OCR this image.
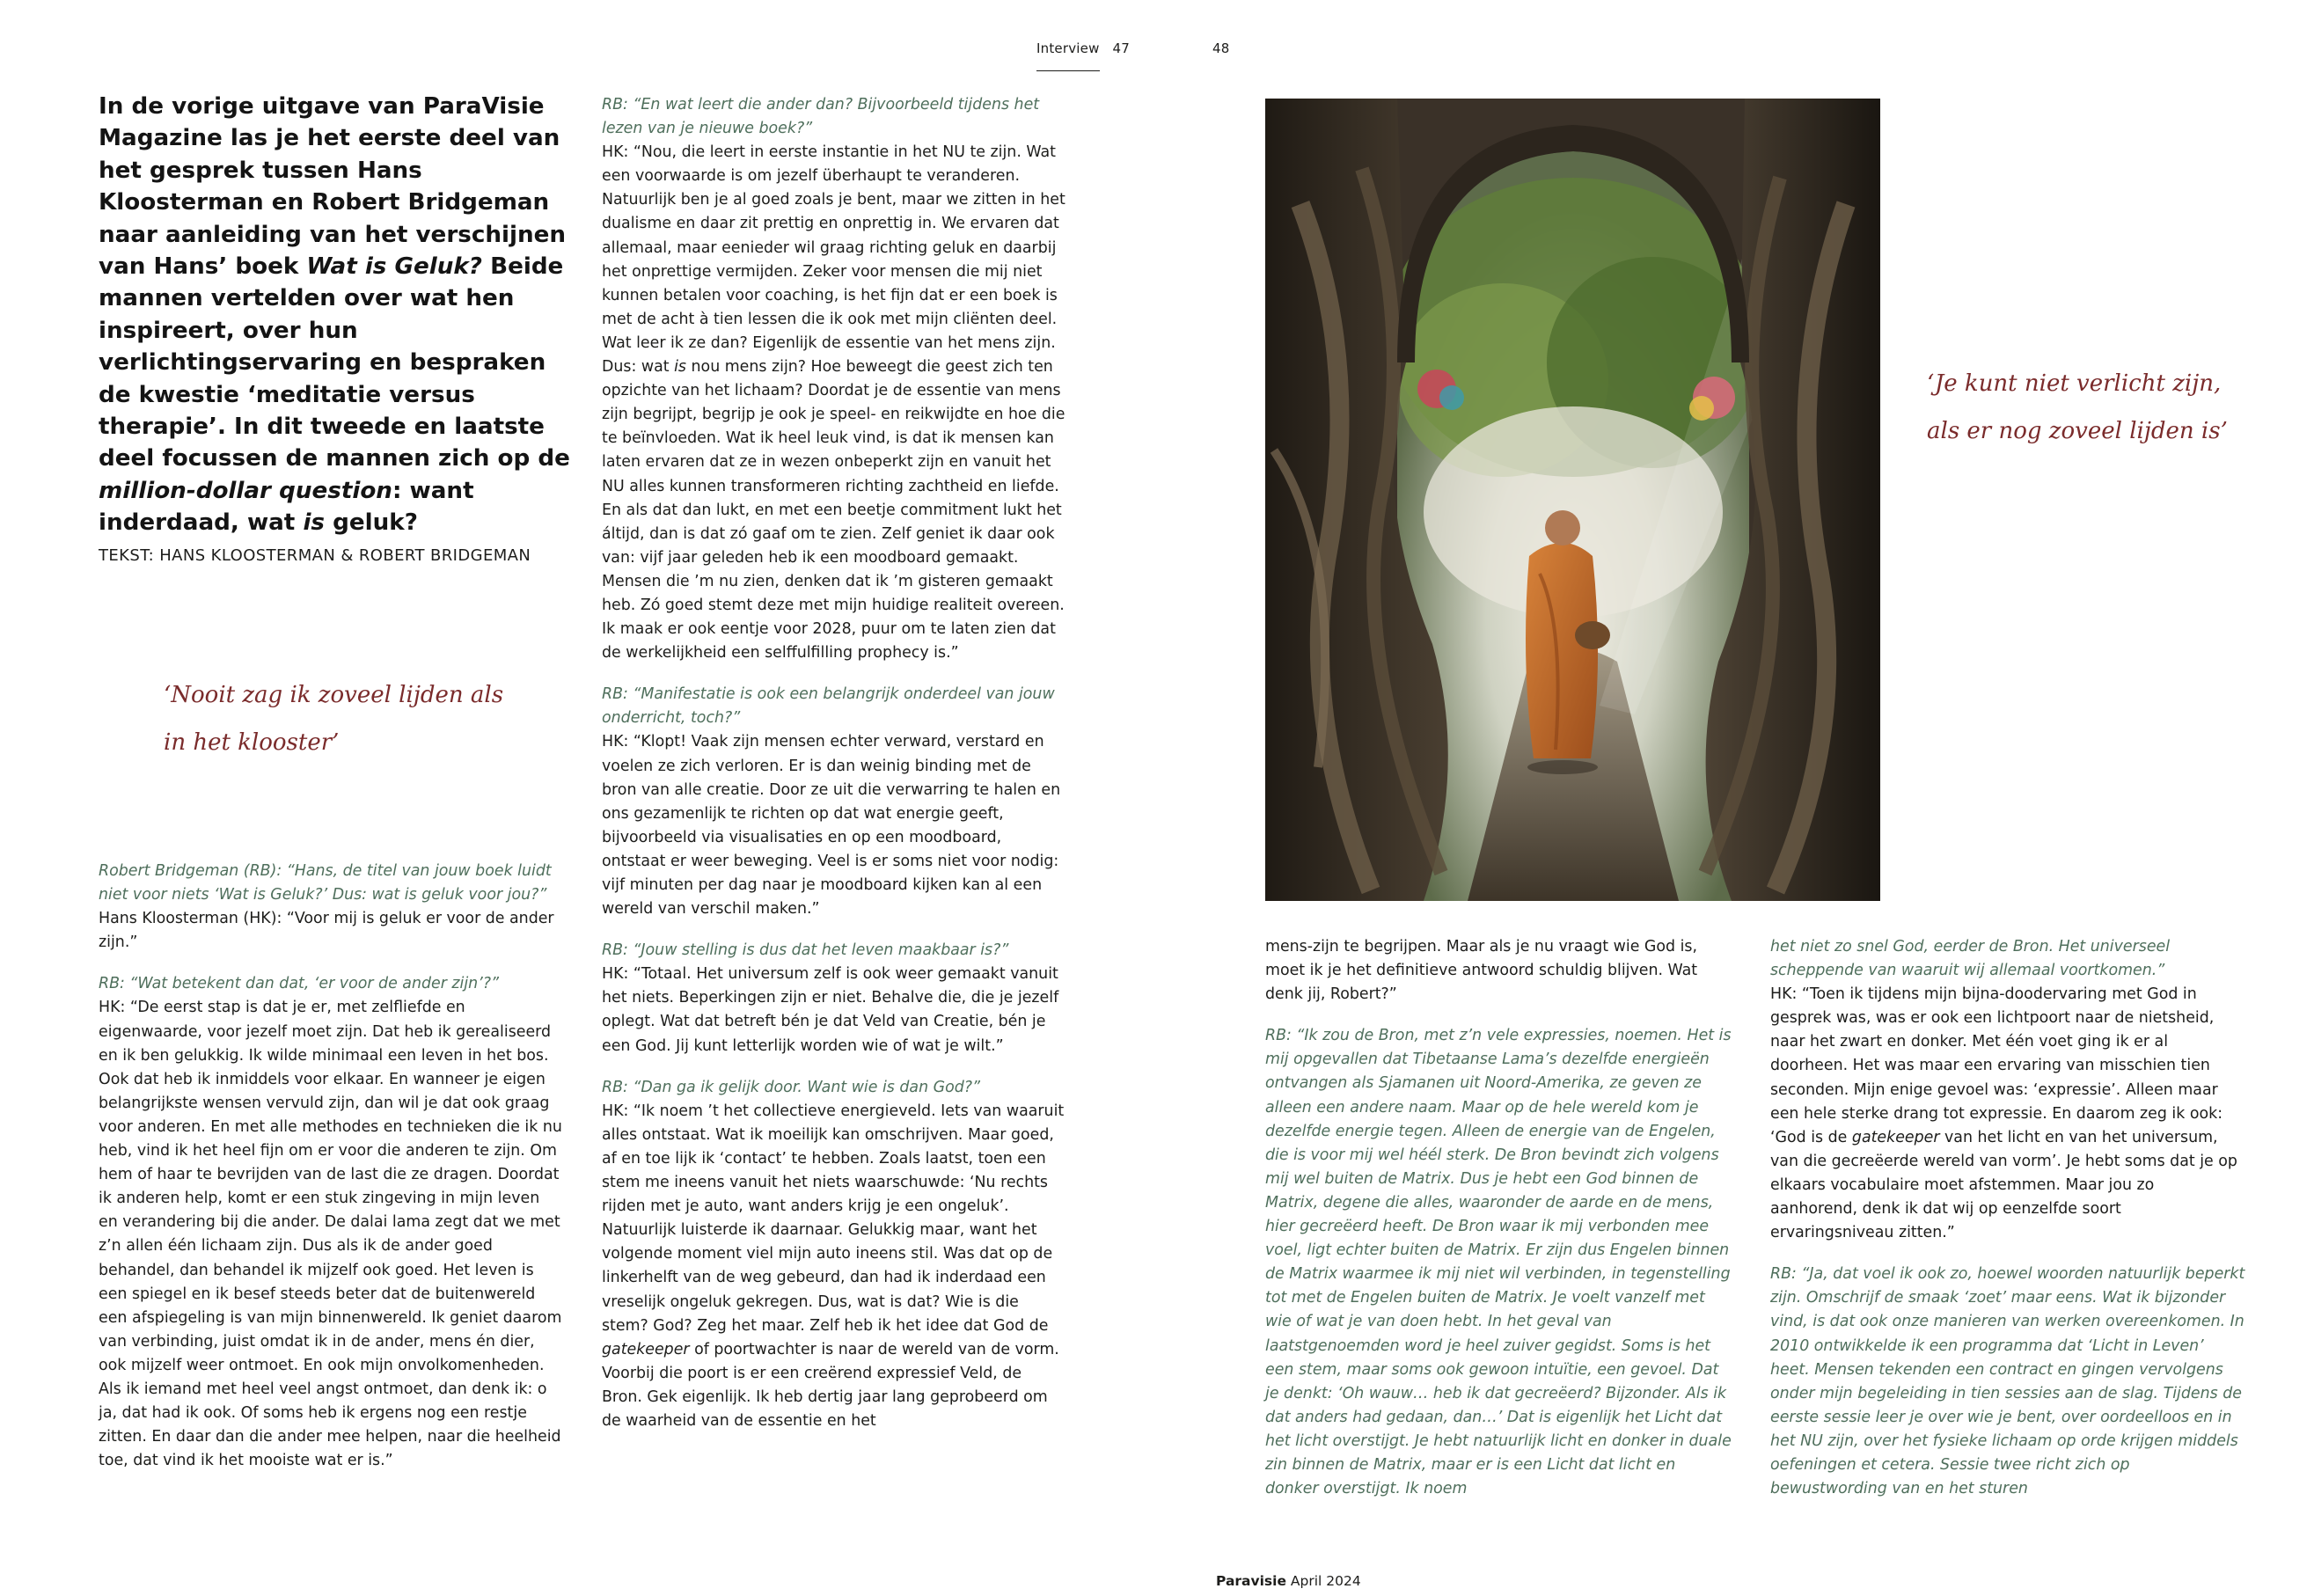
Interview 47	48

In de vorige uitgave van ParaVisie Magazine las je het eerste deel van het gesprek tussen Hans Kloosterman en Robert Bridgeman naar aanleiding van het verschijnen van Hans’ boek Wat is Geluk? Beide mannen vertelden over wat hen inspireert, over hun verlichtingservaring en bespraken de kwestie ‘meditatie versus therapie’. In dit tweede en laatste deel focussen de mannen zich op de million-dollar question: want inderdaad, wat is geluk?

TEKST: HANS KLOOSTERMAN & ROBERT BRIDGEMAN
‘Nooit zag ik zoveel lijden als
in het klooster’

Robert Bridgeman (RB): “Hans, de titel van jouw boek luidt niet voor niets ‘Wat is Geluk?’ Dus: wat is geluk voor jou?”

Hans Kloosterman (HK): “Voor mij is geluk er voor de ander zijn.”

RB: “Wat betekent dan dat, ‘er voor de ander zijn’?”

HK: “De eerst stap is dat je er, met zelfliefde en eigenwaarde, voor jezelf moet zijn. Dat heb ik gerealiseerd en ik ben gelukkig. Ik wilde minimaal een leven in het bos. Ook dat heb ik inmiddels voor elkaar. En wanneer je eigen belangrijkste wensen vervuld zijn, dan wil je dat ook graag voor anderen. En met alle methodes en technieken die ik nu heb, vind ik het heel fijn om er voor die anderen te zijn. Om hem of haar te bevrijden van de last die ze dragen. Doordat ik anderen help, komt er een stuk zingeving in mijn leven en verandering bij die ander. De dalai lama zegt dat we met z’n allen één lichaam zijn. Dus als ik de ander goed behandel, dan behandel ik mijzelf ook goed. Het leven is een spiegel en ik besef steeds beter dat de buitenwereld een afspiegeling is van mijn binnenwereld. Ik geniet daarom van verbinding, juist omdat ik in de ander, mens én dier, ook mijzelf weer ontmoet. En ook mijn onvolkomenheden. Als ik iemand met heel veel angst ontmoet, dan denk ik: o ja, dat had ik ook. Of soms heb ik ergens nog een restje zitten. En daar dan die ander mee helpen, naar die heelheid toe, dat vind ik het mooiste wat er is.”

RB: “En wat leert die ander dan? Bijvoorbeeld tijdens het lezen van je nieuwe boek?”

HK: “Nou, die leert in eerste instantie in het NU te zijn. Wat een voorwaarde is om jezelf überhaupt te veranderen. Natuurlijk ben je al goed zoals je bent, maar we zitten in het dualisme en daar zit prettig en onprettig in. We ervaren dat allemaal, maar eenieder wil graag richting geluk en daarbij het onprettige vermijden. Zeker voor mensen die mij niet kunnen betalen voor coaching, is het fijn dat er een boek is met de acht à tien lessen die ik ook met mijn cliënten deel. Wat leer ik ze dan? Eigenlijk de essentie van het mens zijn. Dus: wat is nou mens zijn? Hoe beweegt die geest zich ten opzichte van het lichaam? Doordat je de essentie van mens zijn begrijpt, begrijp je ook je speel- en reikwijdte en hoe die te beïnvloeden. Wat ik heel leuk vind, is dat ik mensen kan laten ervaren dat ze in wezen onbeperkt zijn en vanuit het NU alles kunnen transformeren richting zachtheid en liefde. En als dat dan lukt, en met een beetje commitment lukt het áltijd, dan is dat zó gaaf om te zien. Zelf geniet ik daar ook van: vijf jaar geleden heb ik een moodboard gemaakt. Mensen die ’m nu zien, denken dat ik ’m gisteren gemaakt heb. Zó goed stemt deze met mijn huidige realiteit overeen. Ik maak er ook eentje voor 2028, puur om te laten zien dat de werkelijkheid een selffulfilling prophecy is.”

RB: “Manifestatie is ook een belangrijk onderdeel van jouw onderricht, toch?”

HK: “Klopt! Vaak zijn mensen echter verward, verstard en voelen ze zich verloren. Er is dan weinig binding met de bron van alle creatie. Door ze uit die verwarring te halen en ons gezamenlijk te richten op dat wat energie geeft, bijvoorbeeld via visualisaties en op een moodboard, ontstaat er weer beweging. Veel is er soms niet voor nodig: vijf minuten per dag naar je moodboard kijken kan al een wereld van verschil maken.”

RB: “Jouw stelling is dus dat het leven maakbaar is?”

HK: “Totaal. Het universum zelf is ook weer gemaakt vanuit het niets. Beperkingen zijn er niet. Behalve die, die je jezelf oplegt. Wat dat betreft bén je dat Veld van Creatie, bén je een God. Jij kunt letterlijk worden wie of wat je wilt.”

RB: “Dan ga ik gelijk door. Want wie is dan God?”

HK: “Ik noem ’t het collectieve energieveld. Iets van waaruit alles ontstaat. Wat ik moeilijk kan omschrijven. Maar goed, af en toe lijk ik ‘contact’ te hebben. Zoals laatst, toen een stem me ineens vanuit het niets waarschuwde: ‘Nu rechts rijden met je auto, want anders krijg je een ongeluk’. Natuurlijk luisterde ik daarnaar. Gelukkig maar, want het volgende moment viel mijn auto ineens stil. Was dat op de linkerhelft van de weg gebeurd, dan had ik inderdaad een vreselijk ongeluk gekregen. Dus, wat is dat? Wie is die stem? God? Zeg het maar. Zelf heb ik het idee dat God de gatekeeper of poortwachter is naar de wereld van de vorm. Voorbij die poort is er een creërend expressief Veld, de Bron. Gek eigenlijk. Ik heb dertig jaar lang geprobeerd om de waarheid van de essentie en het

‘Je kunt niet verlicht zijn,
als er nog zoveel lijden is’

mens-zijn te begrijpen. Maar als je nu vraagt wie God is, moet ik je het definitieve antwoord schuldig blijven. Wat denk jij, Robert?”

RB: “Ik zou de Bron, met z’n vele expressies, noemen. Het is mij opgevallen dat Tibetaanse Lama’s dezelfde energieën ontvangen als Sjamanen uit Noord-Amerika, ze geven ze alleen een andere naam. Maar op de hele wereld kom je dezelfde energie tegen. Alleen de energie van de Engelen, die is voor mij wel héél sterk. De Bron bevindt zich volgens mij wel buiten de Matrix. Dus je hebt een God binnen de Matrix, degene die alles, waaronder de aarde en de mens, hier gecreëerd heeft. De Bron waar ik mij verbonden mee voel, ligt echter buiten de Matrix. Er zijn dus Engelen binnen de Matrix waarmee ik mij niet wil verbinden, in tegenstelling tot met de Engelen buiten de Matrix. Je voelt vanzelf met wie of wat je van doen hebt. In het geval van laatstgenoemden word je heel zuiver gegidst. Soms is het een stem, maar soms ook gewoon intuïtie, een gevoel. Dat je denkt: ‘Oh wauw… heb ik dat gecreëerd? Bijzonder. Als ik dat anders had gedaan, dan…’ Dat is eigenlijk het Licht dat het licht overstijgt. Je hebt natuurlijk licht en donker in duale zin binnen de Matrix, maar er is een Licht dat licht en donker overstijgt. Ik noem

het niet zo snel God, eerder de Bron. Het universeel scheppende van waaruit wij allemaal voortkomen.”

HK: “Toen ik tijdens mijn bijna-doodervaring met God in gesprek was, was er ook een lichtpoort naar de nietsheid, naar het zwart en donker. Met één voet ging ik er al doorheen. Het was maar een ervaring van misschien tien seconden. Mijn enige gevoel was: ‘expressie’. Alleen maar een hele sterke drang tot expressie. En daarom zeg ik ook: ‘God is de gatekeeper van het licht en van het universum, van die gecreëerde wereld van vorm’. Je hebt soms dat je op elkaars vocabulaire moet afstemmen. Maar jou zo aanhorend, denk ik dat wij op eenzelfde soort ervaringsniveau zitten.”

RB: “Ja, dat voel ik ook zo, hoewel woorden natuurlijk beperkt zijn. Omschrijf de smaak ‘zoet’ maar eens. Wat ik bijzonder vind, is dat ook onze manieren van werken overeenkomen. In 2010 ontwikkelde ik een programma dat ‘Licht in Leven’ heet. Mensen tekenden een contract en gingen vervolgens onder mijn begeleiding in tien sessies aan de slag. Tijdens de eerste sessie leer je over wie je bent, over oordeelloos en in het NU zijn, over het fysieke lichaam op orde krijgen middels oefeningen et cetera. Sessie twee richt zich op bewustwording van en het sturen

Paravisie April 2024
